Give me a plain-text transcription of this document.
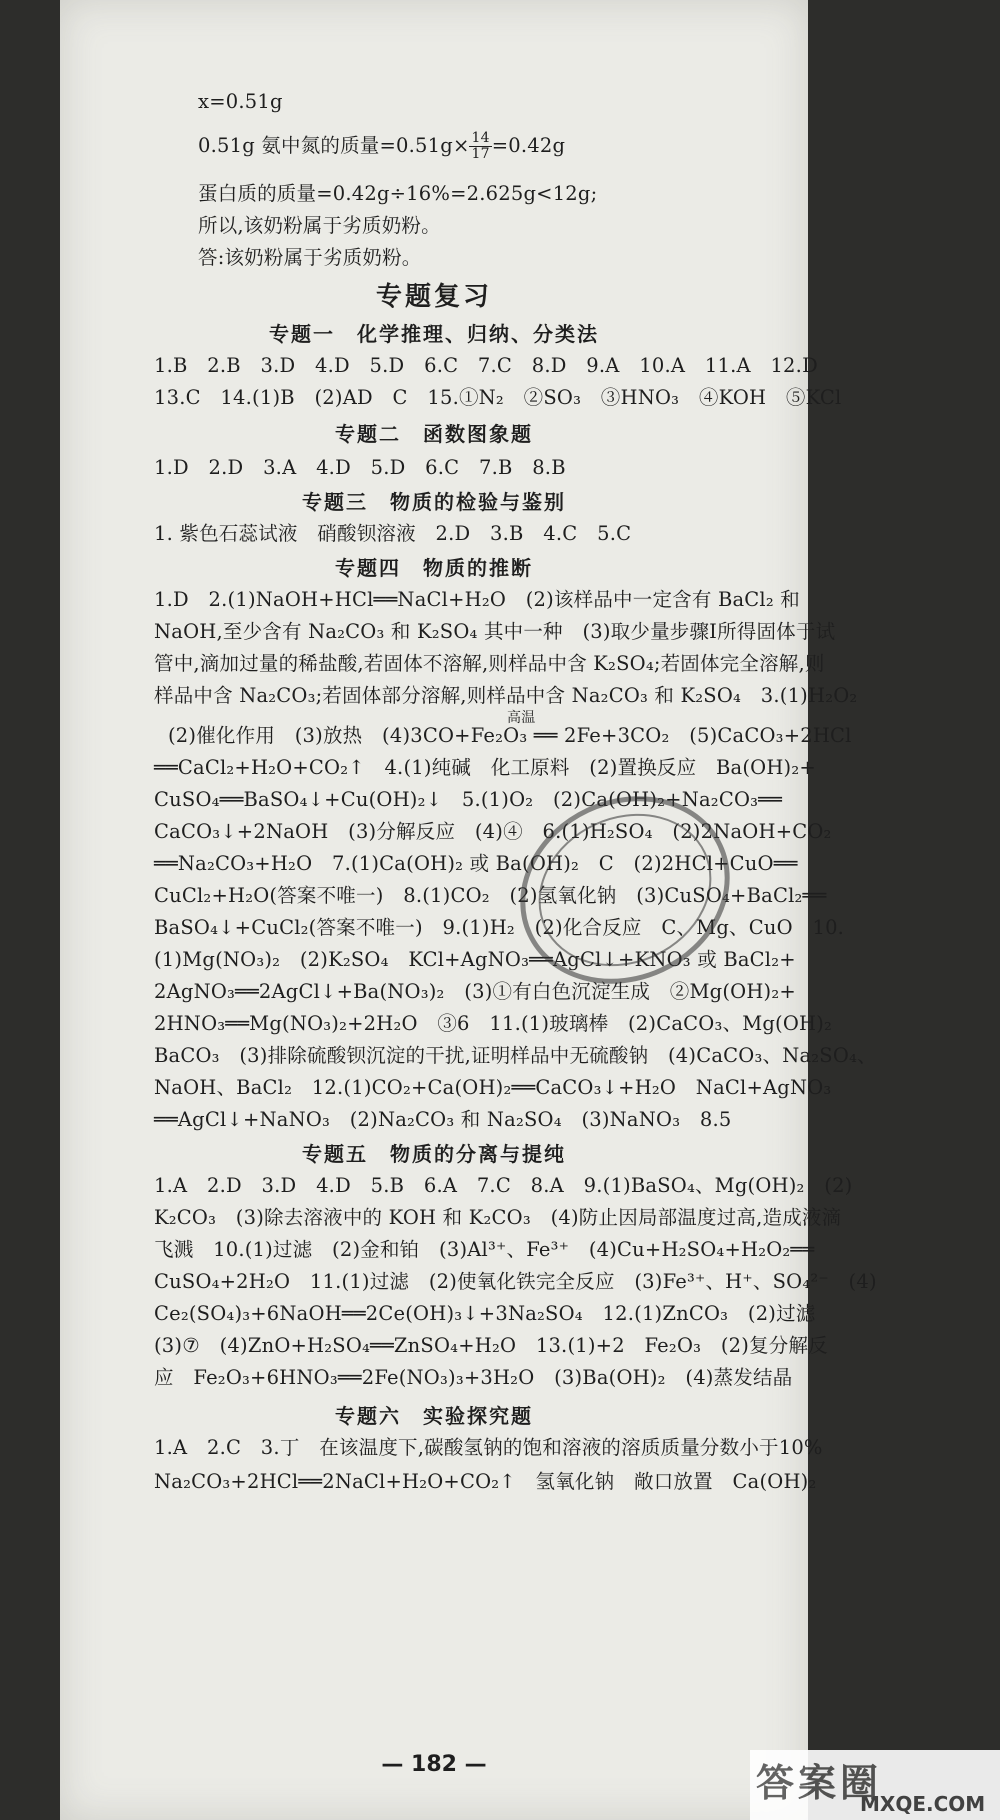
x=0.51g

0.51g 氨中氮的质量$=0.51g\times \frac{14}{17} =0.42g$

蛋白质的质量=0.42g÷16%=2.625g<12g;

所以,该奶粉属于劣质奶粉。

答:该奶粉属于劣质奶粉。

专题复习
专题一　化学推理、归纳、分类法

1.B　2.B　3.D　4.D　5.D　6.C　7.C　8.D　9.A　10.A　11.A　12.D

13.C　14.(1)B　(2)AD　C　15.①N₂　②SO₃　③HNO₃　④KOH　⑤KCl

专题二　函数图象题

1.D　2.D　3.A　4.D　5.D　6.C　7.B　8.B

专题三　物质的检验与鉴别

1. 紫色石蕊试液　硝酸钡溶液　2.D　3.B　4.C　5.C

专题四　物质的推断

1.D　2.(1)NaOH+HCl══NaCl+H₂O　(2)该样品中一定含有 BaCl₂ 和

NaOH,至少含有 Na₂CO₃ 和 K₂SO₄ 其中一种　(3)取少量步骤Ⅰ所得固体于试

管中,滴加过量的稀盐酸,若固体不溶解,则样品中含 K₂SO₄;若固体完全溶解,则

样品中含 Na₂CO₃;若固体部分溶解,则样品中含 Na₂CO₃ 和 K₂SO₄　3.(1)H₂O₂

高温

(2)催化作用　(3)放热　(4)3CO+Fe₂O₃ ══ 2Fe+3CO₂　(5)CaCO₃+2HCl

══CaCl₂+H₂O+CO₂↑　4.(1)纯碱　化工原料　(2)置换反应　Ba(OH)₂+

CuSO₄══BaSO₄↓+Cu(OH)₂↓　5.(1)O₂　(2)Ca(OH)₂+Na₂CO₃══

CaCO₃↓+2NaOH　(3)分解反应　(4)④　6.(1)H₂SO₄　(2)2NaOH+CO₂

══Na₂CO₃+H₂O　7.(1)Ca(OH)₂ 或 Ba(OH)₂　C　(2)2HCl+CuO══

CuCl₂+H₂O(答案不唯一)　8.(1)CO₂　(2)氢氧化钠　(3)CuSO₄+BaCl₂══

BaSO₄↓+CuCl₂(答案不唯一)　9.(1)H₂　(2)化合反应　C、Mg、CuO　10.

(1)Mg(NO₃)₂　(2)K₂SO₄　KCl+AgNO₃══AgCl↓+KNO₃ 或 BaCl₂+

2AgNO₃══2AgCl↓+Ba(NO₃)₂　(3)①有白色沉淀生成　②Mg(OH)₂+

2HNO₃══Mg(NO₃)₂+2H₂O　③6　11.(1)玻璃棒　(2)CaCO₃、Mg(OH)₂

BaCO₃　(3)排除硫酸钡沉淀的干扰,证明样品中无硫酸钠　(4)CaCO₃、Na₂SO₄、

NaOH、BaCl₂　12.(1)CO₂+Ca(OH)₂══CaCO₃↓+H₂O　NaCl+AgNO₃

══AgCl↓+NaNO₃　(2)Na₂CO₃ 和 Na₂SO₄　(3)NaNO₃　8.5

专题五　物质的分离与提纯

1.A　2.D　3.D　4.D　5.B　6.A　7.C　8.A　9.(1)BaSO₄、Mg(OH)₂　(2)

K₂CO₃　(3)除去溶液中的 KOH 和 K₂CO₃　(4)防止因局部温度过高,造成液滴

飞溅　10.(1)过滤　(2)金和铂　(3)Al³⁺、Fe³⁺　(4)Cu+H₂SO₄+H₂O₂══

CuSO₄+2H₂O　11.(1)过滤　(2)使氧化铁完全反应　(3)Fe³⁺、H⁺、SO₄²⁻　(4)

Ce₂(SO₄)₃+6NaOH══2Ce(OH)₃↓+3Na₂SO₄　12.(1)ZnCO₃　(2)过滤

(3)⑦　(4)ZnO+H₂SO₄══ZnSO₄+H₂O　13.(1)+2　Fe₂O₃　(2)复分解反

应　Fe₂O₃+6HNO₃══2Fe(NO₃)₃+3H₂O　(3)Ba(OH)₂　(4)蒸发结晶

专题六　实验探究题

1.A　2.C　3.丁　在该温度下,碳酸氢钠的饱和溶液的溶质质量分数小于10%

Na₂CO₃+2HCl══2NaCl+H₂O+CO₂↑　氢氧化钠　敞口放置　Ca(OH)₂

— 182 —	答案圈
MXQE.COM
